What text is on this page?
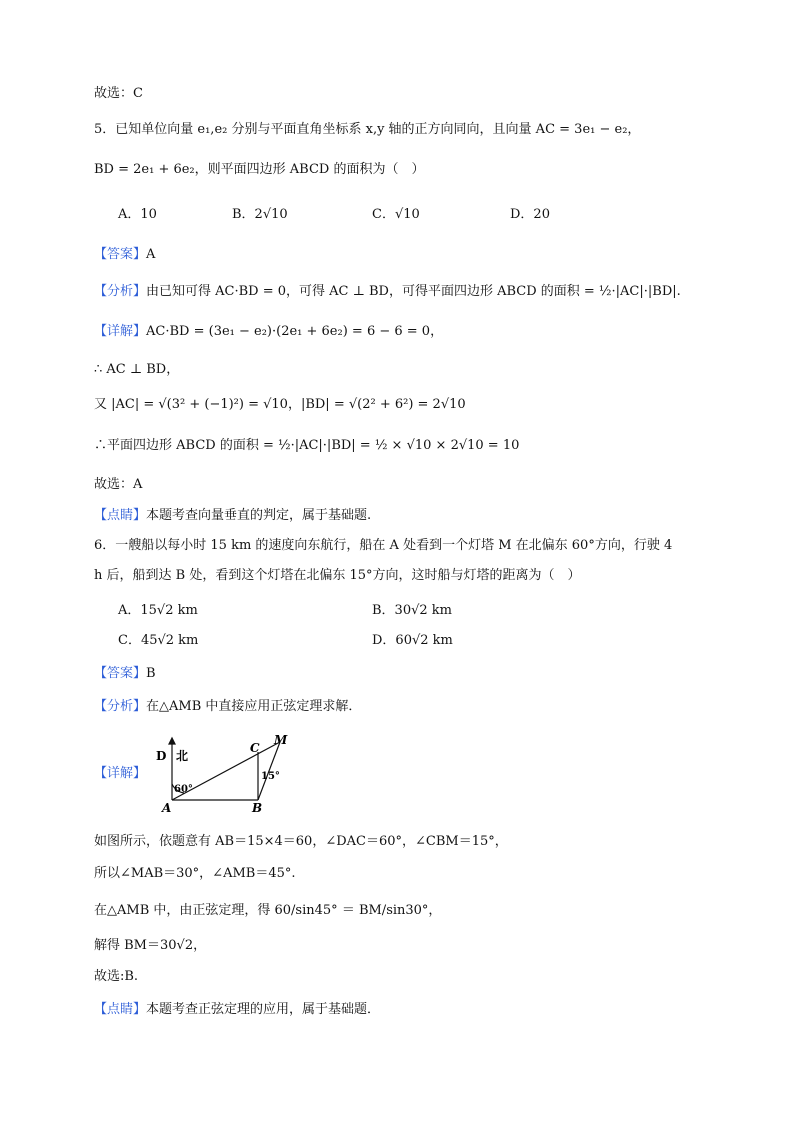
故选：C
5．已知单位向量 e₁,e₂ 分别与平面直角坐标系 x,y 轴的正方向同向，且向量 AC = 3e₁ − e₂，
BD = 2e₁ + 6e₂，则平面四边形 ABCD 的面积为（　）
A．10	B．2√10	C．√10	D．20
【答案】A
【分析】由已知可得 AC·BD = 0，可得 AC ⊥ BD，可得平面四边形 ABCD 的面积 = ½·|AC|·|BD|.
【详解】AC·BD = (3e₁ − e₂)·(2e₁ + 6e₂) = 6 − 6 = 0，
∴ AC ⊥ BD，
又 |AC| = √(3² + (−1)²) = √10，|BD| = √(2² + 6²) = 2√10
∴平面四边形 ABCD 的面积 = ½·|AC|·|BD| = ½ × √10 × 2√10 = 10
故选：A
【点睛】本题考查向量垂直的判定，属于基础题.
6．一艘船以每小时 15 km 的速度向东航行，船在 A 处看到一个灯塔 M 在北偏东 60°方向，行驶 4
h 后，船到达 B 处，看到这个灯塔在北偏东 15°方向，这时船与灯塔的距离为（　）
A．15√2 km	B．30√2 km
C．45√2 km	D．60√2 km
【答案】B
【分析】在△AMB 中直接应用正弦定理求解．
【详解】
D 北
C
M
A	B
60°
15°
如图所示，依题意有 AB＝15×4＝60，∠DAC＝60°，∠CBM＝15°，
所以∠MAB＝30°，∠AMB＝45°.
在△AMB 中，由正弦定理，得 60/sin45° ＝ BM/sin30°，
解得 BM＝30√2，
故选:B.
【点睛】本题考查正弦定理的应用，属于基础题．
